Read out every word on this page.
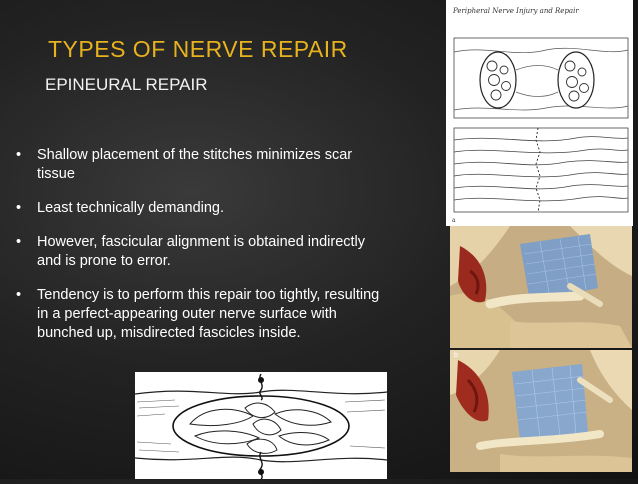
TYPES OF NERVE REPAIR
EPINEURAL REPAIR
• Shallow placement of the stitches minimizes scar tissue
• Least technically demanding.
• However, fascicular alignment is obtained indirectly and is prone to error.
• Tendency is to perform this repair too tightly, resulting in a perfect-appearing outer nerve surface with bunched up, misdirected fascicles inside.
Peripheral Nerve Injury and Repair
a
b
